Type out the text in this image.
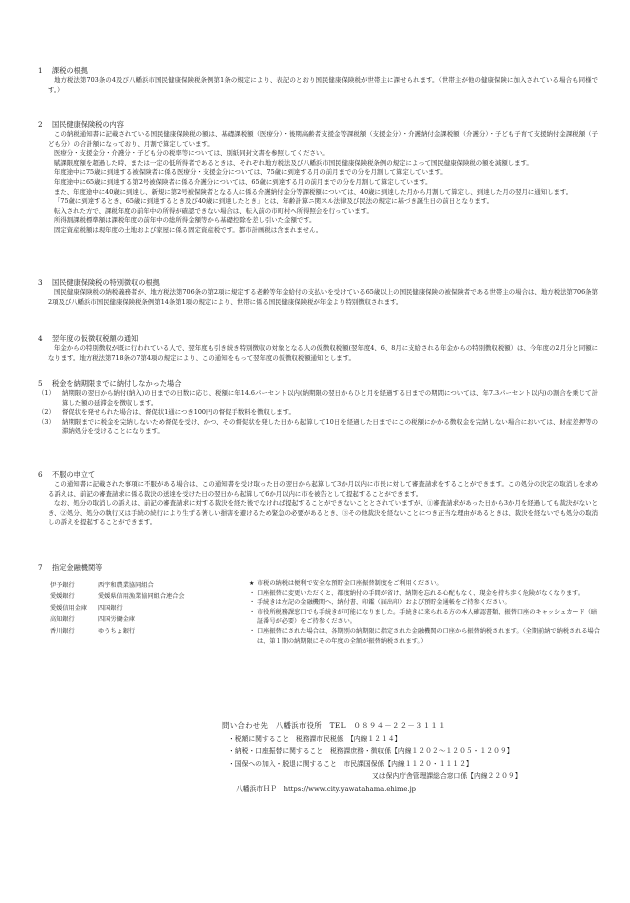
1 課税の根拠

地方税法第703条の4及び八幡浜市国民健康保険税条例第1条の規定により、表記のとおり国民健康保険税が世帯主に課せられます。（世帯主が他の健康保険に加入されている場合も同様です。）

2 国民健康保険税の内容

この納税通知書に記載されている国民健康保険税の額は、基礎課税額（医療分）・後期高齢者支援金等課税額（支援金分）・介護納付金課税額（介護分）・子ども子育て支援納付金課税額（子ども分）の合計額になっており、月割で算定しています。

医療分・支援金分・介護分・子ども分の税率等については、別紙同封文書を参照してください。

賦課限度額を超過した時、または一定の低所得者であるときは、それぞれ地方税法及び八幡浜市国民健康保険税条例の規定によって国民健康保険税の額を減額します。

年度途中に75歳に到達する被保険者に係る医療分・支援金分については、75歳に到達する月の前月までの分を月割して算定しています。

年度途中に65歳に到達する第2号被保険者に係る介護分については、65歳に到達する月の前月までの分を月割して算定しています。

また、年度途中に40歳に到達し、新規に第2号被保険者となる人に係る介護納付金分等課税額については、40歳に到達した月から月割して算定し、到達した月の翌月に通知します。

「75歳に到達するとき、65歳に到達するとき及び40歳に到達したとき」とは、年齢計算ニ関スル法律及び民法の規定に基づき誕生日の前日となります。

転入された方で、課税年度の前年中の所得が確認できない場合は、転入前の市町村へ所得照会を行っています。

所得割課税標準額は課税年度の前年中の総所得金額等から基礎控除を差し引いた金額です。

固定資産税額は現年度の土地および家屋に係る固定資産税です。都市計画税は含まれません。

3 国民健康保険税の特別徴収の根拠

国民健康保険税の納税義務者が、地方税法第706条の第2項に規定する老齢等年金給付の支払いを受けている65歳以上の国民健康保険の被保険者である世帯主の場合は、地方税法第706条第2項及び八幡浜市国民健康保険税条例第14条第1項の規定により、世帯に係る国民健康保険税が年金より特別徴収されます。

4 翌年度の仮徴収税額の通知

年金からの特別徴収が既に行われている人で、翌年度も引き続き特別徴収の対象となる人の仮徴収税額(翌年度4、6、8月に支給される年金からの特別徴収税額）は、今年度の2月分と同額になります。地方税法第718条の7第4項の規定により、この通知をもって翌年度の仮徴収税額通知とします。

5 税金を納期限までに納付しなかった場合

（1）	納期限の翌日から納付(納入)の日までの日数に応じ、税額に年14.6パーセント以内(納期限の翌日からひと月を経過する日までの期間については、年7.3パーセント以内)の割合を乗じて計算した額の延滞金を徴収します。
（2）	督促状を発せられた場合は、督促状1通につき100円の督促手数料を徴収します。
（3）	納期限までに税金を完納しないため督促を受け、かつ、その督促状を発した日から起算して10日を経過した日までにこの税額にかかる徴収金を完納しない場合においては、財産差押等の滞納処分を受けることになります。

6 不服の申立て

この通知書に記載された事項に不服がある場合は、この通知書を受け取った日の翌日から起算して3か月以内に市長に対して審査請求をすることができます。この処分の決定の取消しを求める訴えは、前記の審査請求に係る裁決の送達を受けた日の翌日から起算して6か月以内に市を被告として提起することができます。

なお、処分の取消しの訴えは、前記の審査請求に対する裁決を経た後でなければ提起することができないこととされていますが、①審査請求があった日から3か月を経過しても裁決がないとき、②処分、処分の執行又は手続の続行により生ずる著しい損害を避けるため緊急の必要があるとき、③その他裁決を経ないことにつき正当な理由があるときは、裁決を経ないでも処分の取消しの訴えを提起することができます。

7 指定金融機関等

伊予銀行	西宇和農業協同組合
愛媛銀行	愛媛県信用漁業協同組合連合会
愛媛信用金庫	四国銀行
高知銀行	四国労働金庫
香川銀行	ゆうちょ銀行

★ 市税の納税は便利で安全な預貯金口座振替制度をご利用ください。

・ 口座振替に変更いただくと、都度納付の手間が省け、納期を忘れる心配もなく、現金を持ち歩く危険がなくなります。

・ 手続きは左記の金融機関へ、納付書、印鑑（届出印）および預貯金通帳をご持参ください。

・ 市役所税務課窓口でも手続きが可能になりました。手続きに来られる方の本人確認書類、振替口座のキャッシュカード（暗証番号が必要）をご持参ください。

・ 口座振替にされた場合は、各期別の納期限に指定された金融機関の口座から振替納税されます。（全期前納で納税される場合は、第１期の納期限にその年度の全額が振替納税されます。）

問い合わせ先　八幡浜市役所　TEL　０８９４－２２－３１１１

・税額に関すること　税務課市民税係　【内線１２１４】

・納税・口座振替に関すること　税務課庶務・徴収係【内線１２０２～１２０５・１２０９】

・国保への加入・脱退に関すること　市民課国保係【内線１１２０・１１１２】

又は保内庁舎管理課総合窓口係【内線２２０９】

八幡浜市ＨＰ　https://www.city.yawatahama.ehime.jp
